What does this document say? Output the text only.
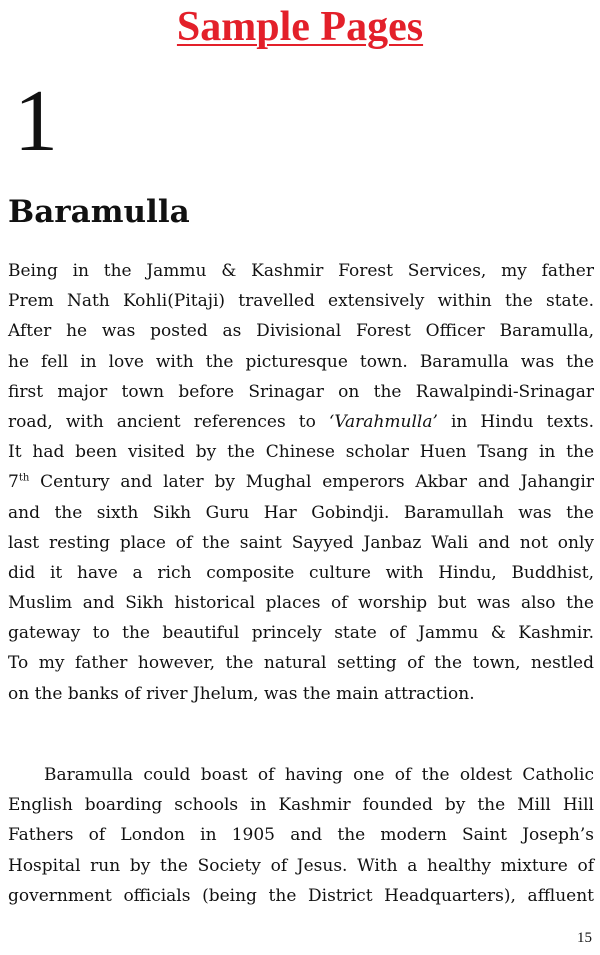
Sample Pages
1
Baramulla
Being in the Jammu & Kashmir Forest Services, my father
Prem Nath Kohli(Pitaji) travelled extensively within the state.
After he was posted as Divisional Forest Officer Baramulla,
he fell in love with the picturesque town. Baramulla was the
first major town before Srinagar on the Rawalpindi-Srinagar
road, with ancient references to ‘Varahmulla’ in Hindu texts.
It had been visited by the Chinese scholar Huen Tsang in the
7th Century and later by Mughal emperors Akbar and Jahangir
and the sixth Sikh Guru Har Gobindji. Baramullah was the
last resting place of the saint Sayyed Janbaz Wali and not only
did it have a rich composite culture with Hindu, Buddhist,
Muslim and Sikh historical places of worship but was also the
gateway to the beautiful princely state of Jammu & Kashmir.
To my father however, the natural setting of the town, nestled
on the banks of river Jhelum, was the main attraction.
Baramulla could boast of having one of the oldest Catholic
English boarding schools in Kashmir founded by the Mill Hill
Fathers of London in 1905 and the modern Saint Joseph’s
Hospital run by the Society of Jesus. With a healthy mixture of
government officials (being the District Headquarters), affluent
15
